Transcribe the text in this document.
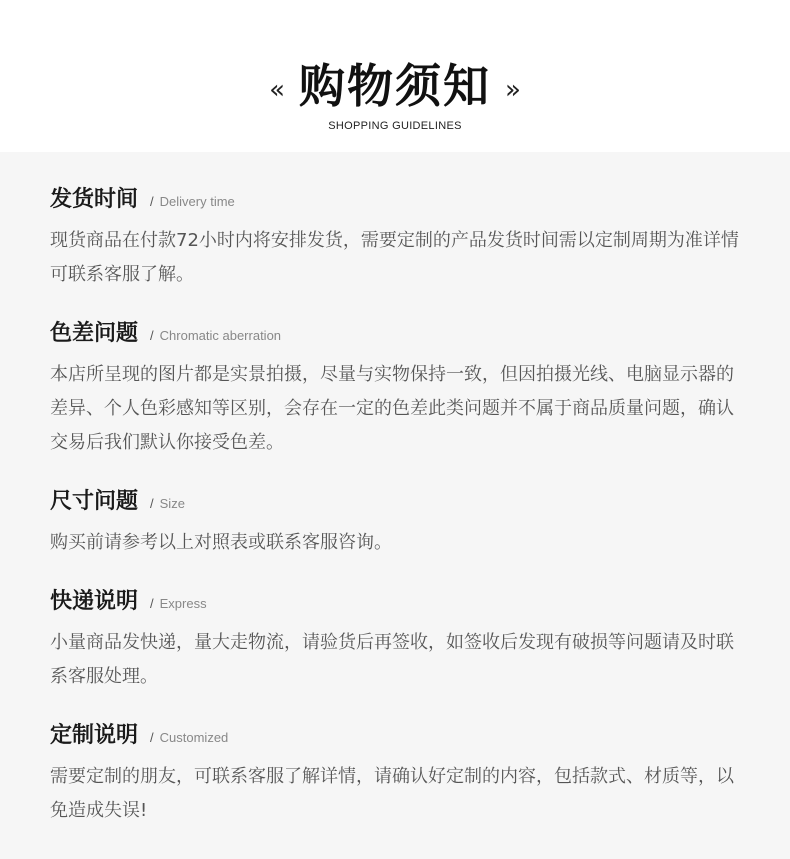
« 购物须知 »
SHOPPING GUIDELINES
发货时间 / Delivery time
现货商品在付款72小时内将安排发货，需要定制的产品发货时间需以定制周期为准详情可联系客服了解。
色差问题 / Chromatic aberration
本店所呈现的图片都是实景拍摄，尽量与实物保持一致，但因拍摄光线、电脑显示器的差异、个人色彩感知等区别，会存在一定的色差此类问题并不属于商品质量问题，确认交易后我们默认你接受色差。
尺寸问题 / Size
购买前请参考以上对照表或联系客服咨询。
快递说明 / Express
小量商品发快递，量大走物流，请验货后再签收，如签收后发现有破损等问题请及时联系客服处理。
定制说明 / Customized
需要定制的朋友，可联系客服了解详情，请确认好定制的内容，包括款式、材质等，以免造成失误!
